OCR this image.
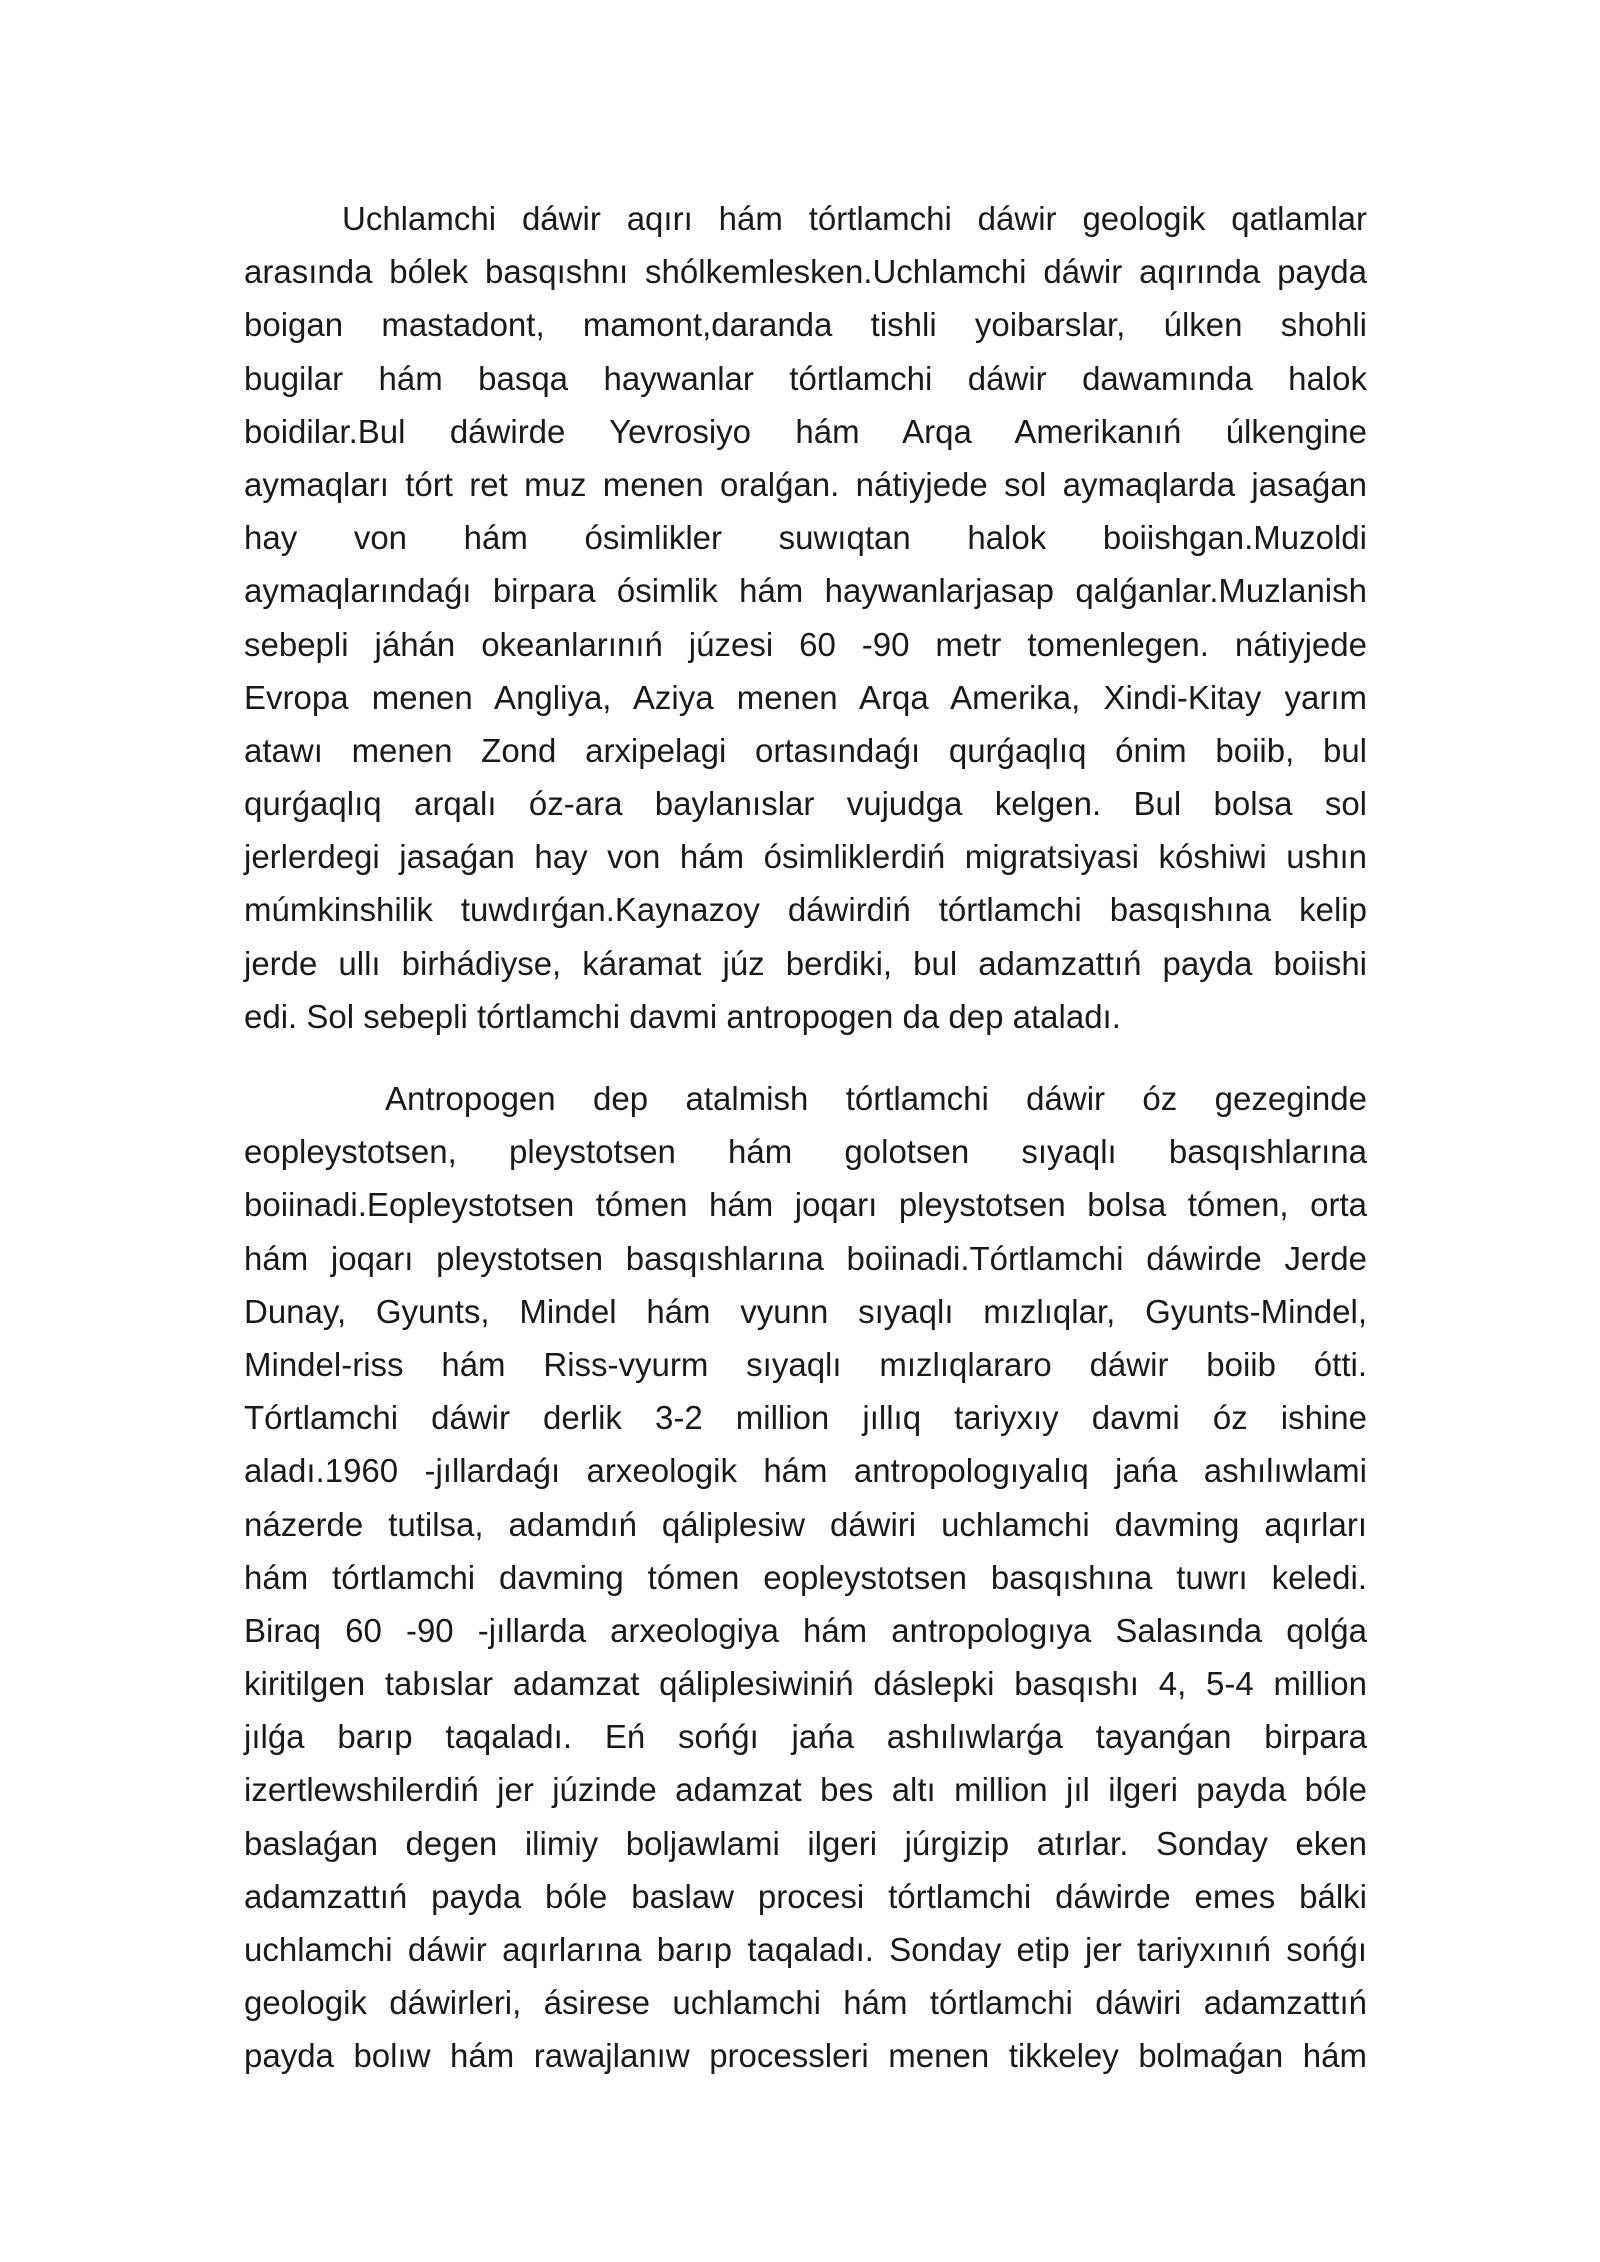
Uchlamchi dáwir aqırı hám tórtlamchi dáwir geologik qatlamlar
arasında bólek basqıshnı shólkemlesken.Uchlamchi dáwir aqırında payda
boigan mastadont, mamont,daranda tishli yoibarslar, úlken shohli
bugilar hám basqa haywanlar tórtlamchi dáwir dawamında halok
boidilar.Bul dáwirde Yevrosiyo hám Arqa Amerikanıń úlkengine
aymaqları tórt ret muz menen oralǵan. nátiyjede sol aymaqlarda jasaǵan
hay von hám ósimlikler suwıqtan halok boiishgan.Muzoldi
aymaqlarındaǵı birpara ósimlik hám haywanlarjasap qalǵanlar.Muzlanish
sebepli jáhán okeanlarınıń júzesi 60 -90 metr tomenlegen. nátiyjede
Evropa menen Angliya, Aziya menen Arqa Amerika, Xindi-Kitay yarım
atawı menen Zond arxipelagi ortasındaǵı qurǵaqlıq ónim boiib, bul
qurǵaqlıq arqalı óz-ara baylanıslar vujudga kelgen. Bul bolsa sol
jerlerdegi jasaǵan hay von hám ósimliklerdiń migratsiyasi kóshiwi ushın
múmkinshilik tuwdırǵan.Kaynazoy dáwirdiń tórtlamchi basqıshına kelip
jerde ullı birhádiyse, káramat júz berdiki, bul adamzattıń payda boiishi
edi. Sol sebepli tórtlamchi davmi antropogen da dep ataladı.
Antropogen dep atalmish tórtlamchi dáwir óz gezeginde
eopleystotsen, pleystotsen hám golotsen sıyaqlı basqıshlarına
boiinadi.Eopleystotsen tómen hám joqarı pleystotsen bolsa tómen, orta
hám joqarı pleystotsen basqıshlarına boiinadi.Tórtlamchi dáwirde Jerde
Dunay, Gyunts, Mindel hám vyunn sıyaqlı mızlıqlar, Gyunts-Mindel,
Mindel-riss hám Riss-vyurm sıyaqlı mızlıqlararo dáwir boiib ótti.
Tórtlamchi dáwir derlik 3-2 million jıllıq tariyxıy davmi óz ishine
aladı.1960 -jıllardaǵı arxeologik hám antropologıyalıq jańa ashılıwlami
názerde tutilsa, adamdıń qáliplesiw dáwiri uchlamchi davming aqırları
hám tórtlamchi davming tómen eopleystotsen basqıshına tuwrı keledi.
Biraq 60 -90 -jıllarda arxeologiya hám antropologıya Salasında qolǵa
kiritilgen tabıslar adamzat qáliplesiwiniń dáslepki basqıshı 4, 5-4 million
jılǵa barıp taqaladı. Eń sońǵı jańa ashılıwlarǵa tayanǵan birpara
izertlewshilerdiń jer júzinde adamzat bes altı million jıl ilgeri payda bóle
baslaǵan degen ilimiy boljawlami ilgeri júrgizip atırlar. Sonday eken
adamzattıń payda bóle baslaw procesi tórtlamchi dáwirde emes bálki
uchlamchi dáwir aqırlarına barıp taqaladı. Sonday etip jer tariyxınıń sońǵı
geologik dáwirleri, ásirese uchlamchi hám tórtlamchi dáwiri adamzattıń
payda bolıw hám rawajlanıw processleri menen tikkeley bolmaǵan hám
